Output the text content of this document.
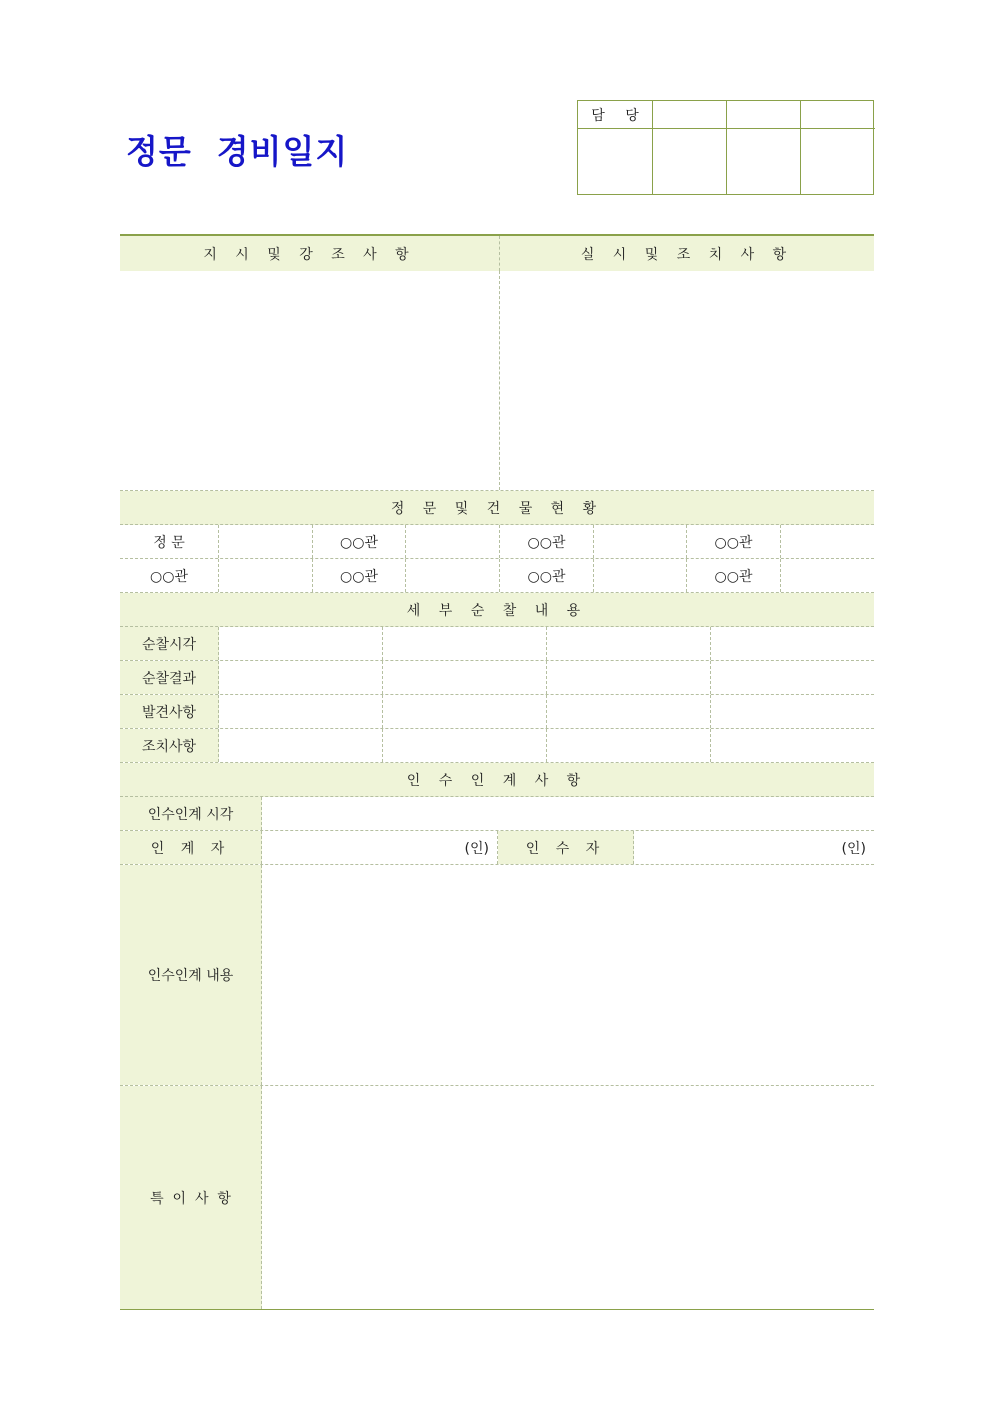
정문  경비일지
담 당
지 시 및 강 조 사 항	실 시 및 조 치 사 항
정 문 및 건 물 현 황
정 문	○○관	○○관	○○관
○○관	○○관	○○관	○○관
세 부 순 찰 내 용
순찰시각
순찰결과
발견사항
조치사항
인 수 인 계 사 항
인수인계 시각
인 계 자	(인)	인 수 자	(인)
인수인계 내용
특  이  사  항
